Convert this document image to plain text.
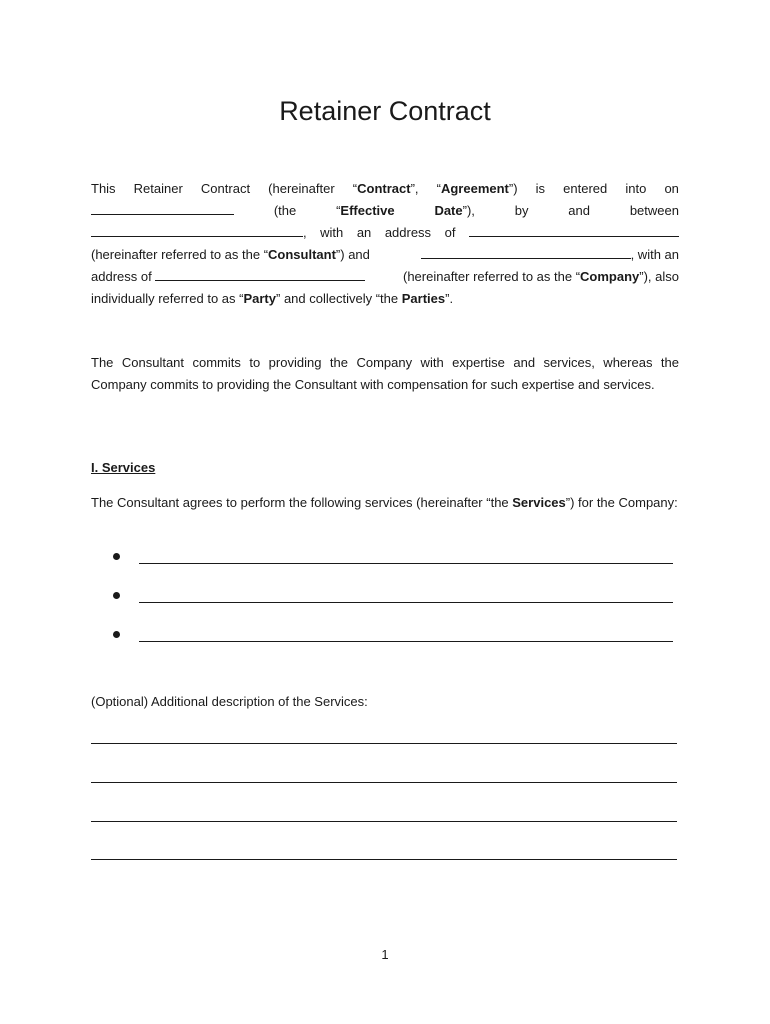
Retainer Contract
This Retainer Contract (hereinafter “Contract”, “Agreement”) is entered into on
(the	“Effective	Date”),	by	and	between
, with an address of
(hereinafter referred to as the “Consultant”) and	, with an
address of	(hereinafter referred to as the “Company”), also
individually referred to as “Party” and collectively “the Parties”.
The Consultant commits to providing the Company with expertise and services, whereas the Company commits to providing the Consultant with compensation for such expertise and services.
I. Services
The Consultant agrees to perform the following services (hereinafter “the Services”) for the Company:
(Optional) Additional description of the Services:
1
